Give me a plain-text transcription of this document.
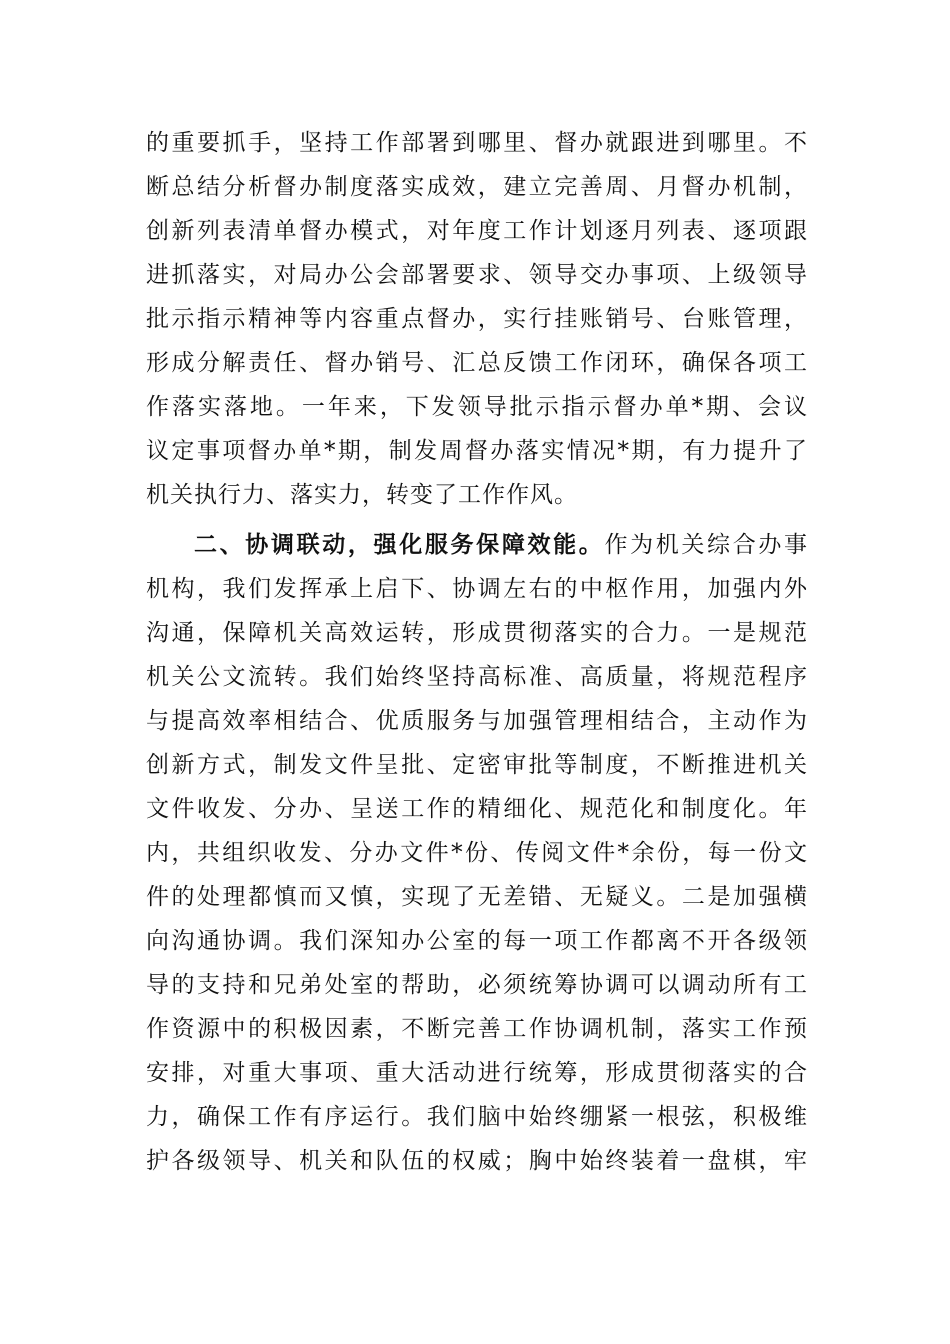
的重要抓手，坚持工作部署到哪里、督办就跟进到哪里。不
断总结分析督办制度落实成效，建立完善周、月督办机制，
创新列表清单督办模式，对年度工作计划逐月列表、逐项跟
进抓落实，对局办公会部署要求、领导交办事项、上级领导
批示指示精神等内容重点督办，实行挂账销号、台账管理，
形成分解责任、督办销号、汇总反馈工作闭环，确保各项工
作落实落地。一年来，下发领导批示指示督办单*期、会议
议定事项督办单*期，制发周督办落实情况*期，有力提升了
机关执行力、落实力，转变了工作作风。
二、协调联动，强化服务保障效能。作为机关综合办事
机构，我们发挥承上启下、协调左右的中枢作用，加强内外
沟通，保障机关高效运转，形成贯彻落实的合力。一是规范
机关公文流转。我们始终坚持高标准、高质量，将规范程序
与提高效率相结合、优质服务与加强管理相结合，主动作为
创新方式，制发文件呈批、定密审批等制度，不断推进机关
文件收发、分办、呈送工作的精细化、规范化和制度化。年
内，共组织收发、分办文件*份、传阅文件*余份，每一份文
件的处理都慎而又慎，实现了无差错、无疑义。二是加强横
向沟通协调。我们深知办公室的每一项工作都离不开各级领
导的支持和兄弟处室的帮助，必须统筹协调可以调动所有工
作资源中的积极因素，不断完善工作协调机制，落实工作预
安排，对重大事项、重大活动进行统筹，形成贯彻落实的合
力，确保工作有序运行。我们脑中始终绷紧一根弦，积极维
护各级领导、机关和队伍的权威；胸中始终装着一盘棋，牢
